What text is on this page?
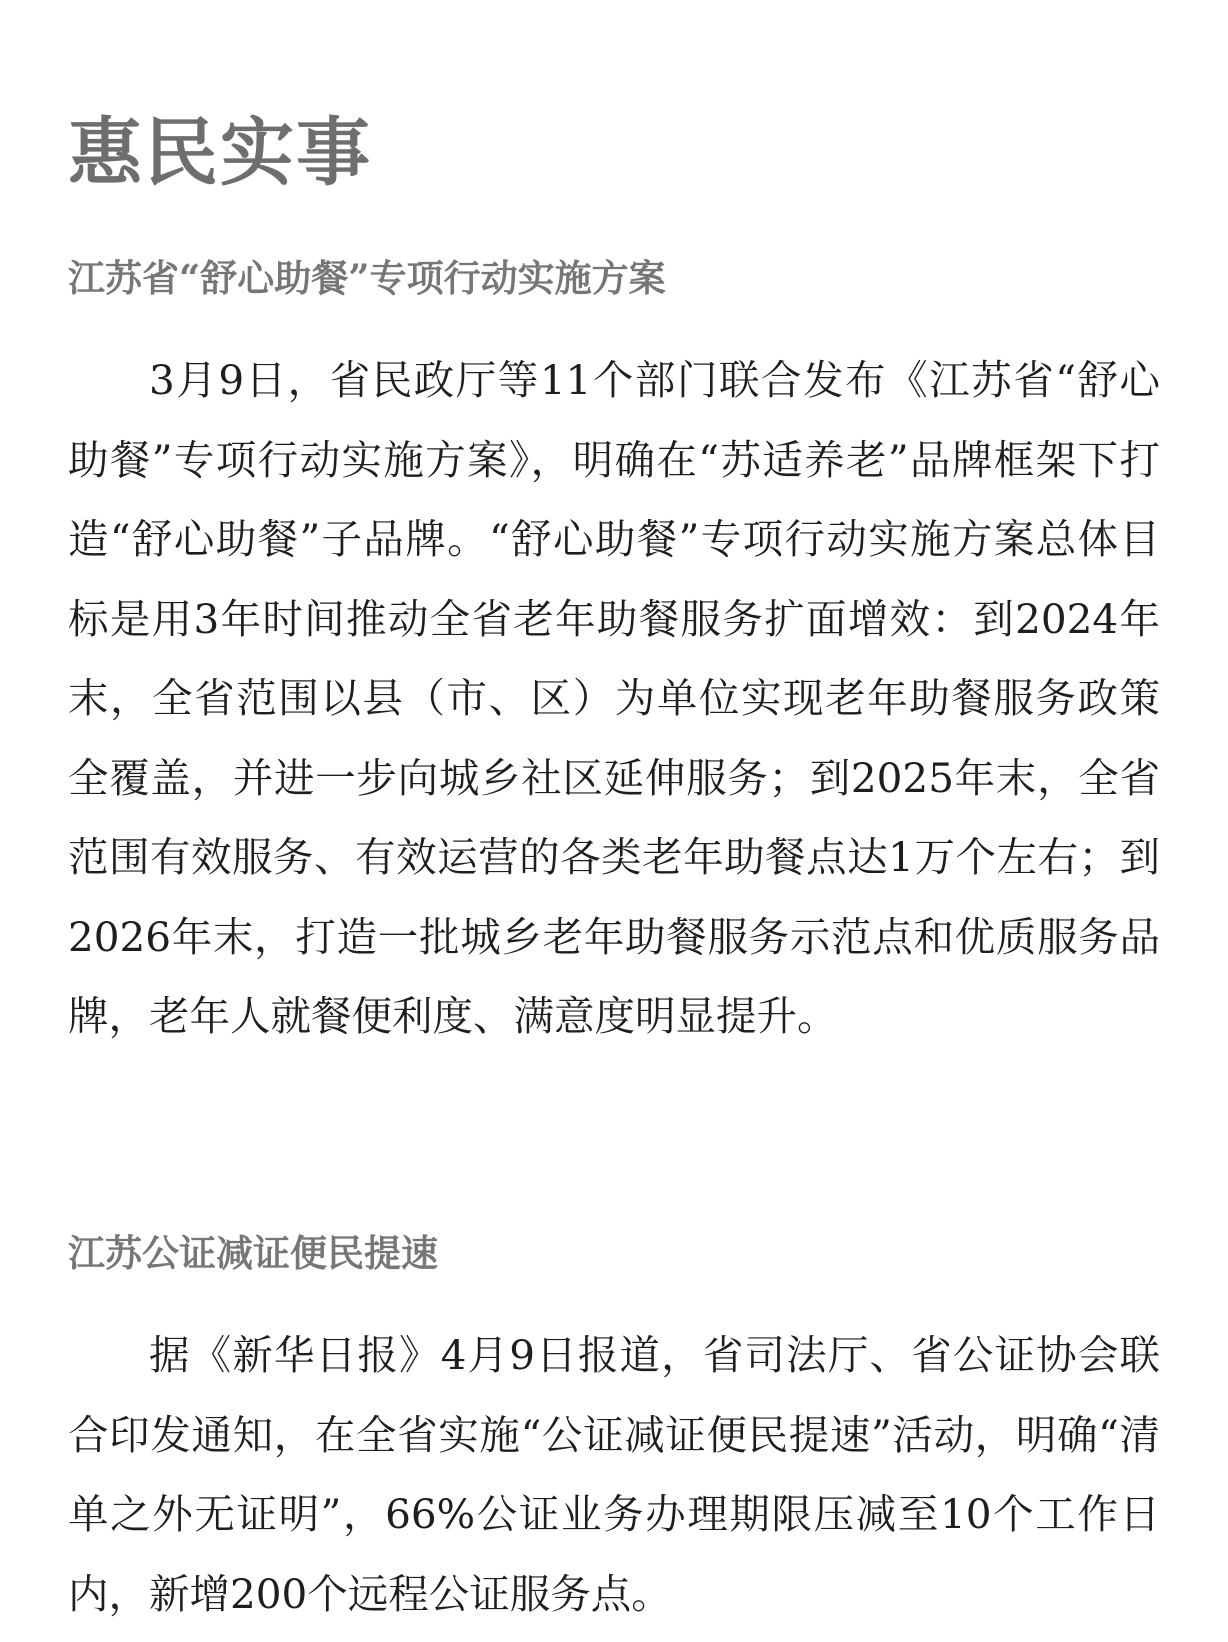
惠民实事
江苏省“舒心助餐”专项行动实施方案

3月9日，省民政厅等11个部门联合发布《江苏省“舒心助餐”专项行动实施方案》，明确在“苏适养老”品牌框架下打造“舒心助餐”子品牌。“舒心助餐”专项行动实施方案总体目标是用3年时间推动全省老年助餐服务扩面增效：到2024年末，全省范围以县（市、区）为单位实现老年助餐服务政策全覆盖，并进一步向城乡社区延伸服务；到2025年末，全省范围有效服务、有效运营的各类老年助餐点达1万个左右；到2026年末，打造一批城乡老年助餐服务示范点和优质服务品牌，老年人就餐便利度、满意度明显提升。

江苏公证减证便民提速

据《新华日报》4月9日报道，省司法厅、省公证协会联合印发通知，在全省实施“公证减证便民提速”活动，明确“清单之外无证明”，66%公证业务办理期限压减至10个工作日内，新增200个远程公证服务点。
